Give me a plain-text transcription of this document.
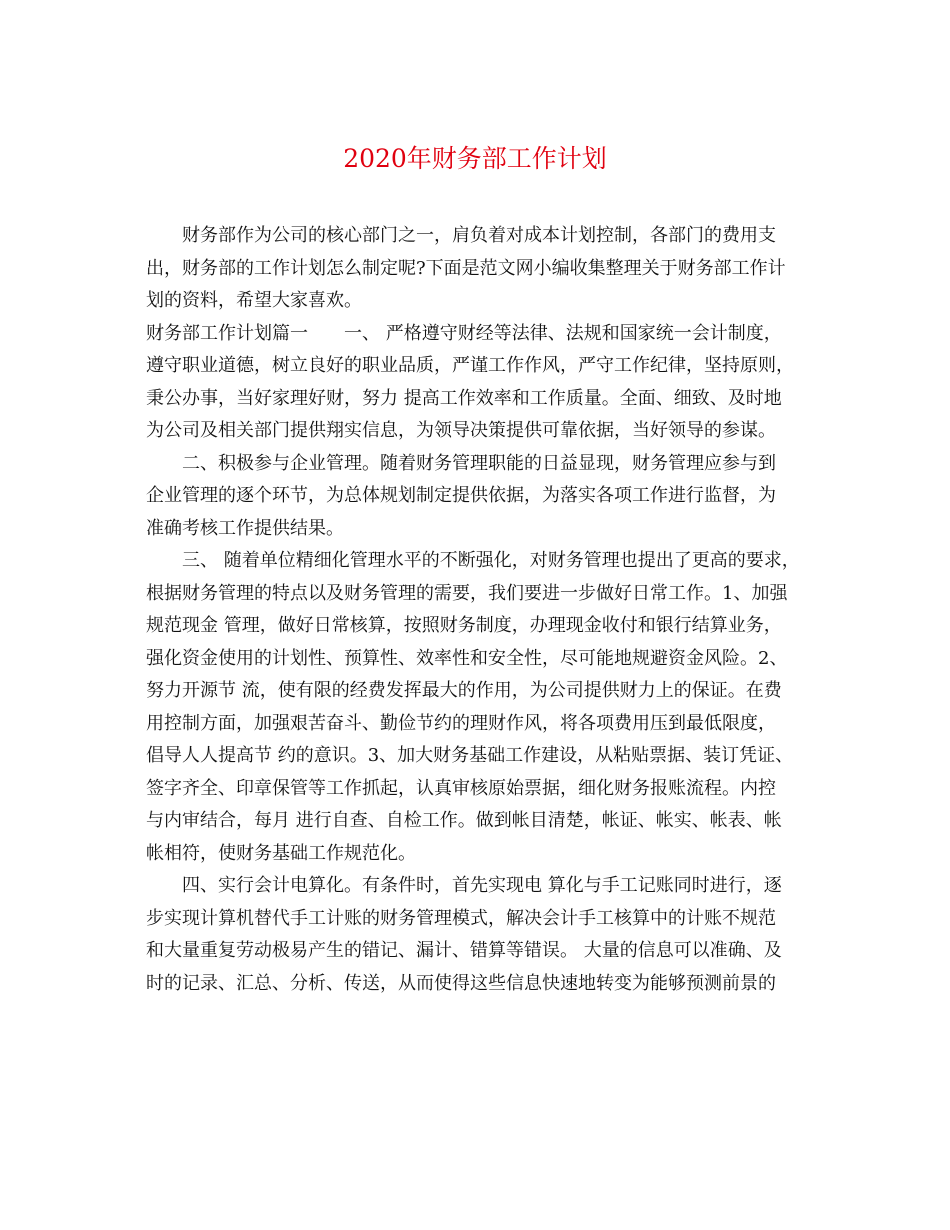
2020年财务部工作计划
财务部作为公司的核心部门之一，肩负着对成本计划控制，各部门的费用支
出，财务部的工作计划怎么制定呢?下面是范文网小编收集整理关于财务部工作计
划的资料，希望大家喜欢。
财务部工作计划篇一　　一、 严格遵守财经等法律、法规和国家统一会计制度，
遵守职业道德，树立良好的职业品质，严谨工作作风，严守工作纪律，坚持原则，
秉公办事，当好家理好财，努力 提高工作效率和工作质量。全面、细致、及时地
为公司及相关部门提供翔实信息，为领导决策提供可靠依据，当好领导的参谋。
二、积极参与企业管理。随着财务管理职能的日益显现，财务管理应参与到
企业管理的逐个环节，为总体规划制定提供依据，为落实各项工作进行监督，为
准确考核工作提供结果。
三、 随着单位精细化管理水平的不断强化，对财务管理也提出了更高的要求，
根据财务管理的特点以及财务管理的需要，我们要进一步做好日常工作。1、加强
规范现金 管理，做好日常核算，按照财务制度，办理现金收付和银行结算业务，
强化资金使用的计划性、预算性、效率性和安全性，尽可能地规避资金风险。2、
努力开源节 流，使有限的经费发挥最大的作用，为公司提供财力上的保证。在费
用控制方面，加强艰苦奋斗、勤俭节约的理财作风，将各项费用压到最低限度，
倡导人人提高节 约的意识。3、加大财务基础工作建设，从粘贴票据、装订凭证、
签字齐全、印章保管等工作抓起，认真审核原始票据，细化财务报账流程。内控
与内审结合，每月 进行自查、自检工作。做到帐目清楚，帐证、帐实、帐表、帐
帐相符，使财务基础工作规范化。
四、实行会计电算化。有条件时，首先实现电 算化与手工记账同时进行，逐
步实现计算机替代手工计账的财务管理模式，解决会计手工核算中的计账不规范
和大量重复劳动极易产生的错记、漏计、错算等错误。 大量的信息可以准确、及
时的记录、汇总、分析、传送，从而使得这些信息快速地转变为能够预测前景的
